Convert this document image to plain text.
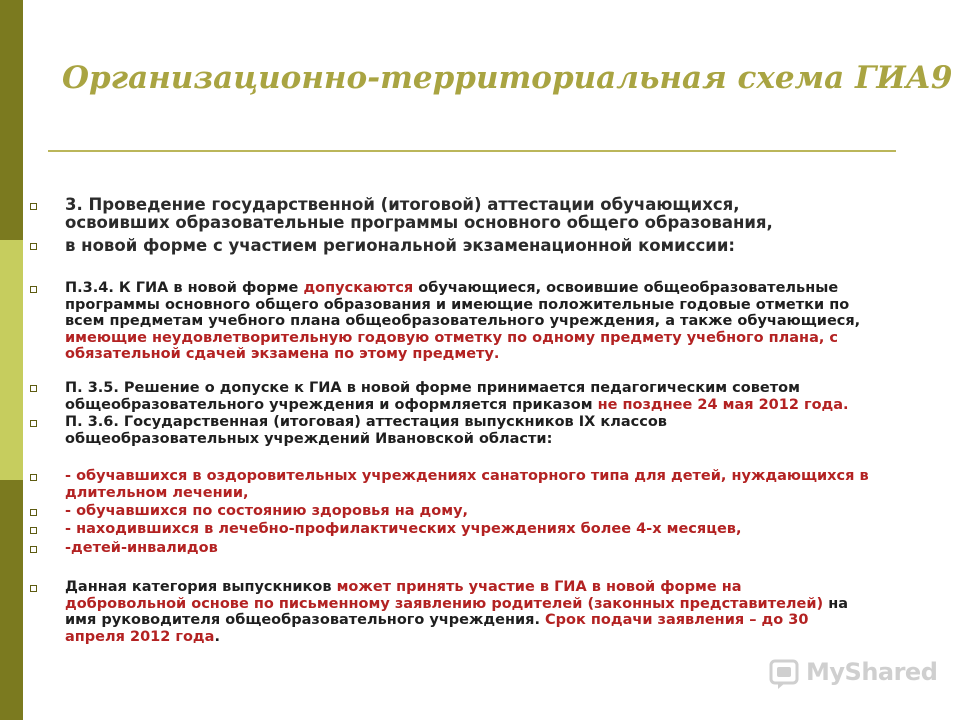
Организационно-территориальная схема ГИА9
3. Проведение государственной (итоговой) аттестации обучающихся,
освоивших образовательные программы основного общего образования,
в новой форме с участием региональной экзаменационной комиссии:
П.3.4. К ГИА в новой форме допускаются обучающиеся, освоившие общеобразовательные
программы основного общего образования и имеющие положительные годовые отметки по
всем предметам учебного плана общеобразовательного учреждения, а также обучающиеся,
имеющие неудовлетворительную годовую отметку по одному предмету учебного плана, с
обязательной сдачей экзамена по этому предмету.
П. 3.5. Решение о допуске к ГИА в новой форме принимается педагогическим советом
общеобразовательного учреждения и оформляется приказом не позднее 24 мая 2012 года.
П. 3.6. Государственная (итоговая) аттестация выпускников IX классов
общеобразовательных учреждений Ивановской области:
- обучавшихся в оздоровительных учреждениях санаторного типа для детей, нуждающихся в
длительном лечении,
- обучавшихся по состоянию здоровья на дому,
- находившихся в лечебно-профилактических учреждениях более 4-х месяцев,
-детей-инвалидов
Данная категория выпускников может принять участие в ГИА в новой форме на
добровольной основе по письменному заявлению родителей (законных представителей) на
имя руководителя общеобразовательного учреждения. Срок подачи заявления – до 30
апреля 2012 года.
MyShared
